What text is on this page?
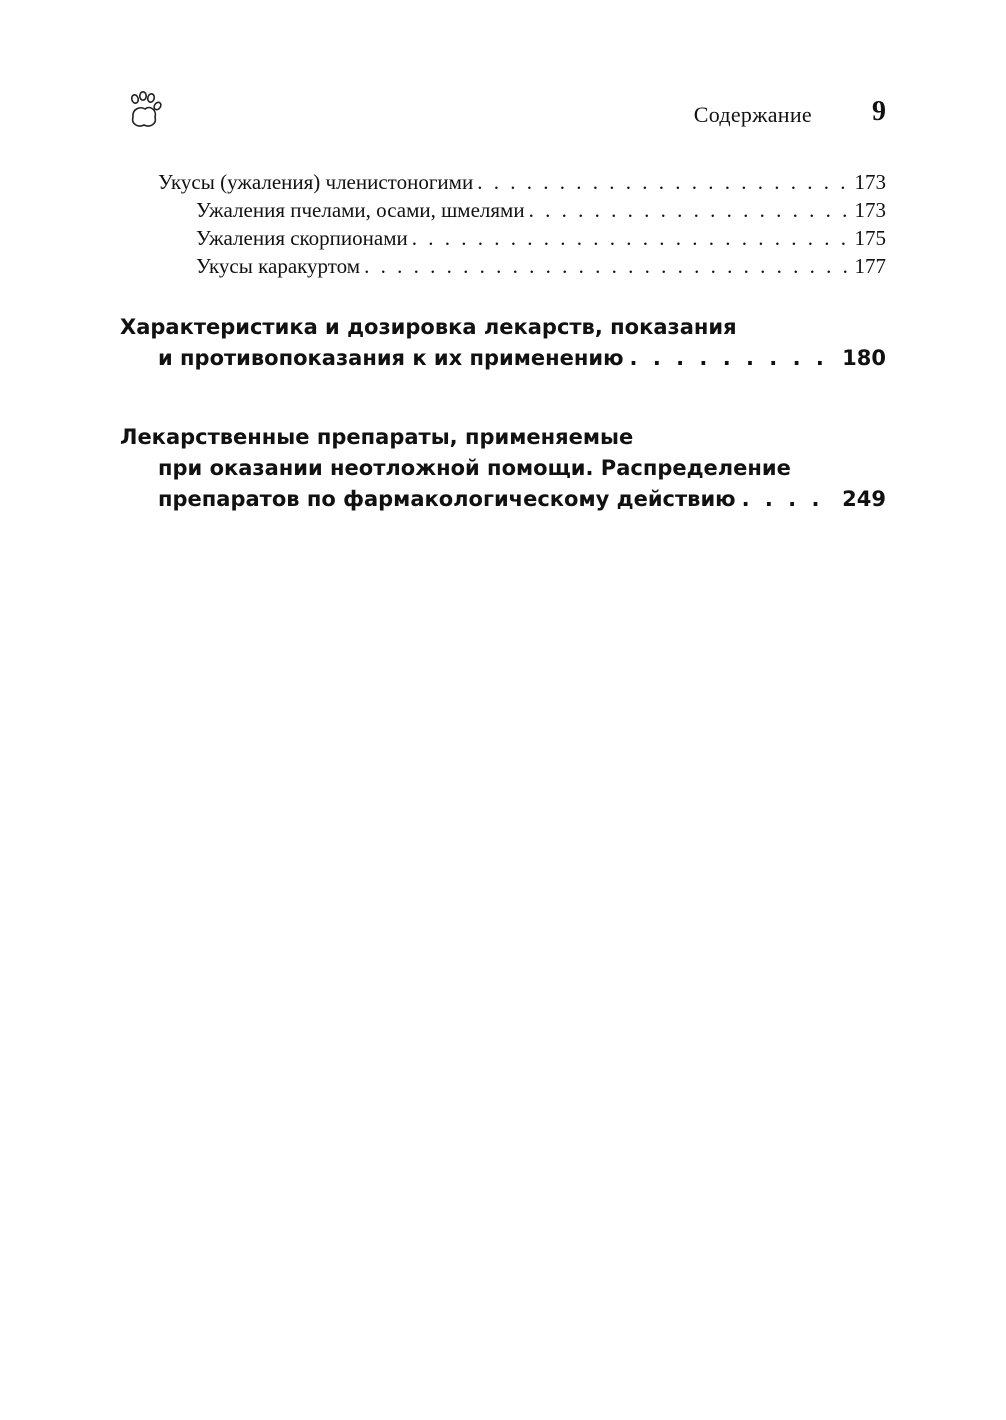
Содержание 9
Укусы (ужаления) членистоногими . . .	173
Ужаления пчелами, осами, шмелями . . .	173
Ужаления скорпионами . . .	175
Укусы каракуртом . . .	177
Характеристика и дозировка лекарств, показания
и противопоказания к их применению . . .	180
Лекарственные препараты, применяемые
при оказании неотложной помощи. Распределение
препаратов по фармакологическому действию . . .	249
